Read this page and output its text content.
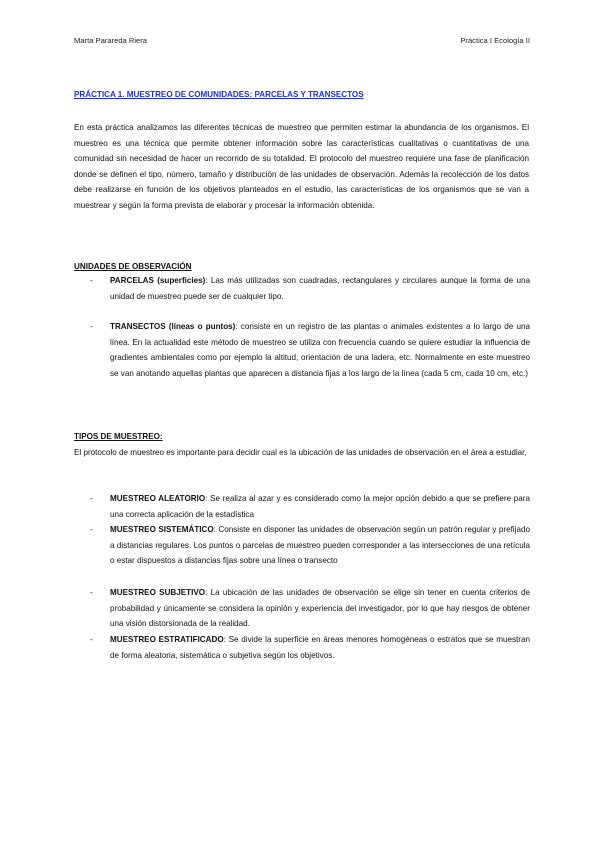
Marta Parareda Riera	Práctica I Ecología II
PRÁCTICA 1. MUESTREO DE COMUNIDADES: PARCELAS Y TRANSECTOS

En esta práctica analizamos las diferentes técnicas de muestreo que permiten estimar la abundancia de los organismos. El muestreo es una técnica que permite obtener información sobre las características cualitativas o cuantitativas de una comunidad sin necesidad de hacer un recorrido de su totalidad. El protocolo del muestreo requiere una fase de planificación donde se definen el tipo, número, tamaño y distribución de las unidades de observación. Además la recolección de los datos debe realizarse en función de los objetivos planteados en el estudio, las características de los organismos que se van a muestrear y según la forma prevista de elaborar y procesar la información obtenida.

UNIDADES DE OBSERVACIÓN
- PARCELAS (superficies): Las más utilizadas son cuadradas, rectangulares y circulares aunque la forma de una unidad de muestreo puede ser de cualquier tipo.

- TRANSECTOS (líneas o puntos): consiste en un registro de las plantas o animales existentes a lo largo de una línea. En la actualidad este método de muestreo se utiliza con frecuencia cuando se quiere estudiar la influencia de gradientes ambientales como por ejemplo la altitud, orientación de una ladera, etc. Normalmente en este muestreo se van anotando aquellas plantas que aparecen a distancia fijas a los largo de la línea (cada 5 cm, cada 10 cm, etc.)

TIPOS DE MUESTREO:

El protocolo de muestreo es importante para decidir cual es la ubicación de las unidades de observación en el área a estudiar,

- MUESTREO ALEATORIO: Se realiza al azar y es considerado como la mejor opción debido a que se prefiere para una correcta aplicación de la estadística

- MUESTREO SISTEMÁTICO: Consiste en disponer las unidades de observación según un patrón regular y prefijado a distancias regulares. Los puntos o parcelas de muestreo pueden corresponder a las intersecciones de una retícula o estar dispuestos a distancias fijas sobre una línea o transecto

- MUESTREO SUBJETIVO: La ubicación de las unidades de observación se elige sin tener en cuenta criterios de probabilidad y únicamente se considera la opinión y experiencia del investigador, por lo que hay riesgos de obtener una visión distorsionada de la realidad.

- MUESTREO ESTRATIFICADO: Se divide la superficie en áreas menores homogéneas o estratos que se muestran de forma aleatoria, sistemática o subjetiva según los objetivos.
